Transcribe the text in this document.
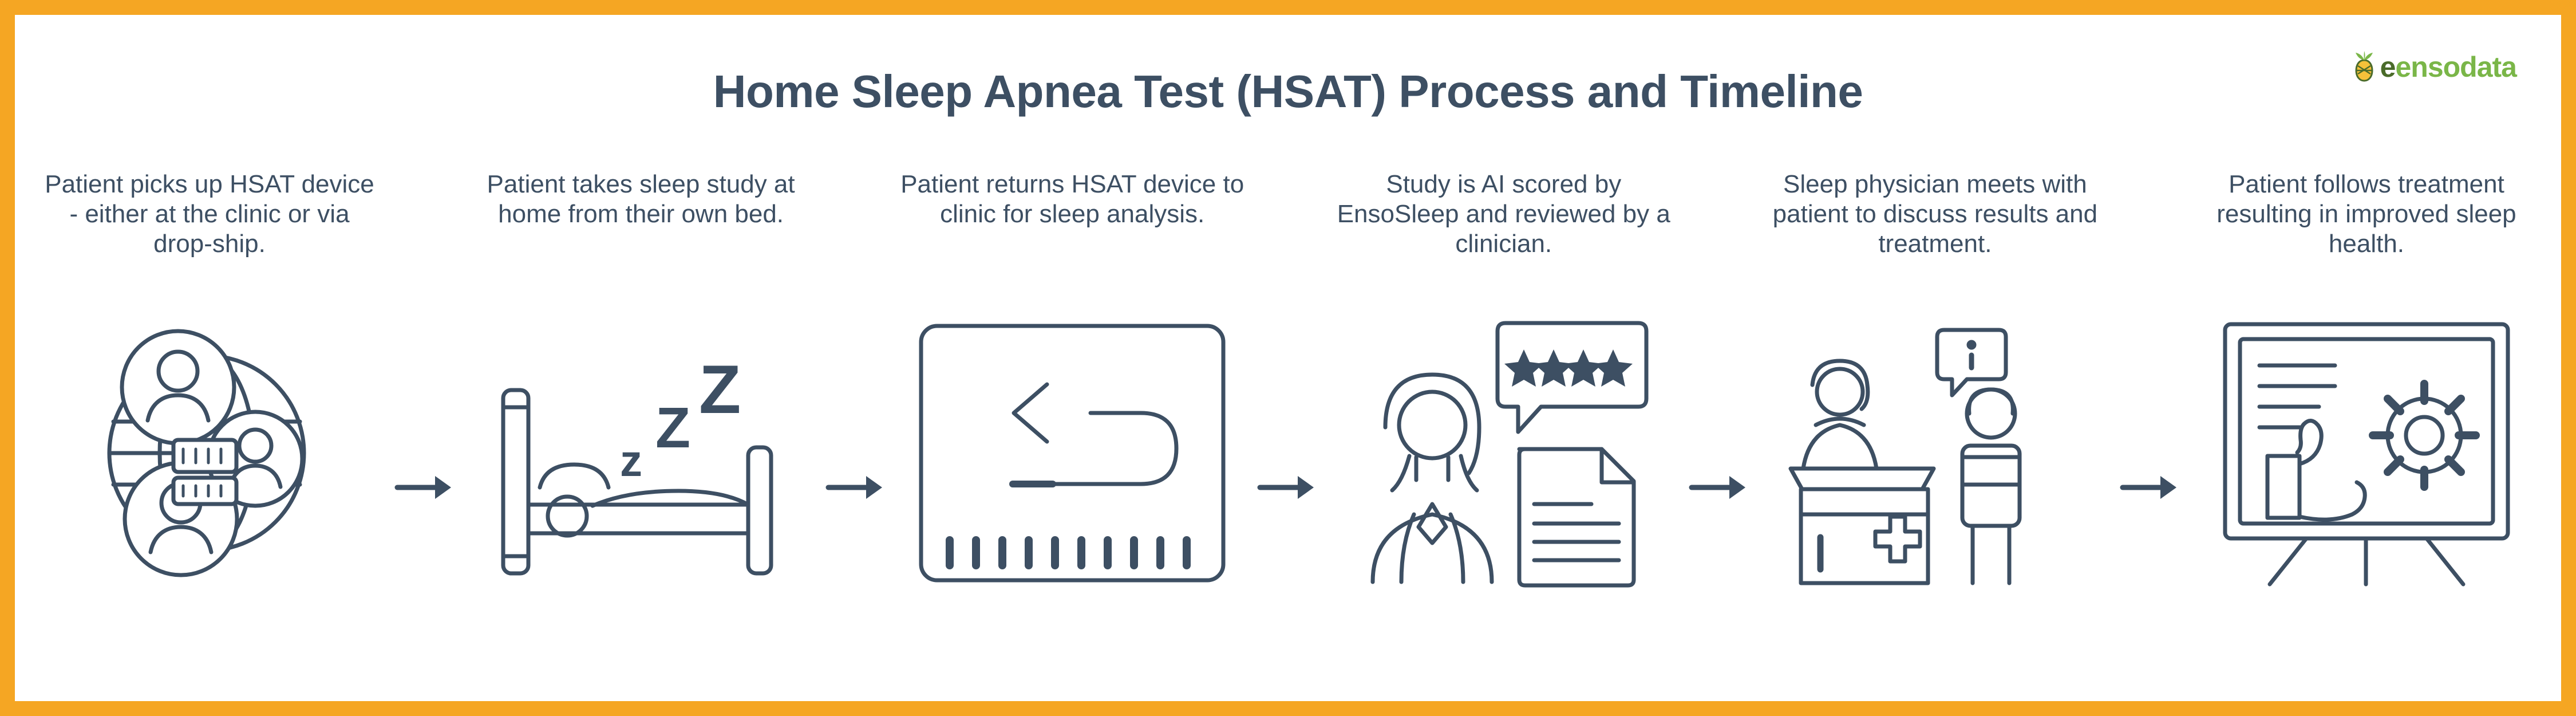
eensodata
Home Sleep Apnea Test (HSAT) Process and Timeline
Patient picks up HSAT device - either at the clinic or via drop-ship.
Patient takes sleep study at home from their own bed.
z
Z Z
Patient returns HSAT device to clinic for sleep analysis.
Study is AI scored by EnsoSleep and reviewed by a clinician.
Sleep physician meets with patient to discuss results and treatment.
Patient follows treatment resulting in improved sleep health.
